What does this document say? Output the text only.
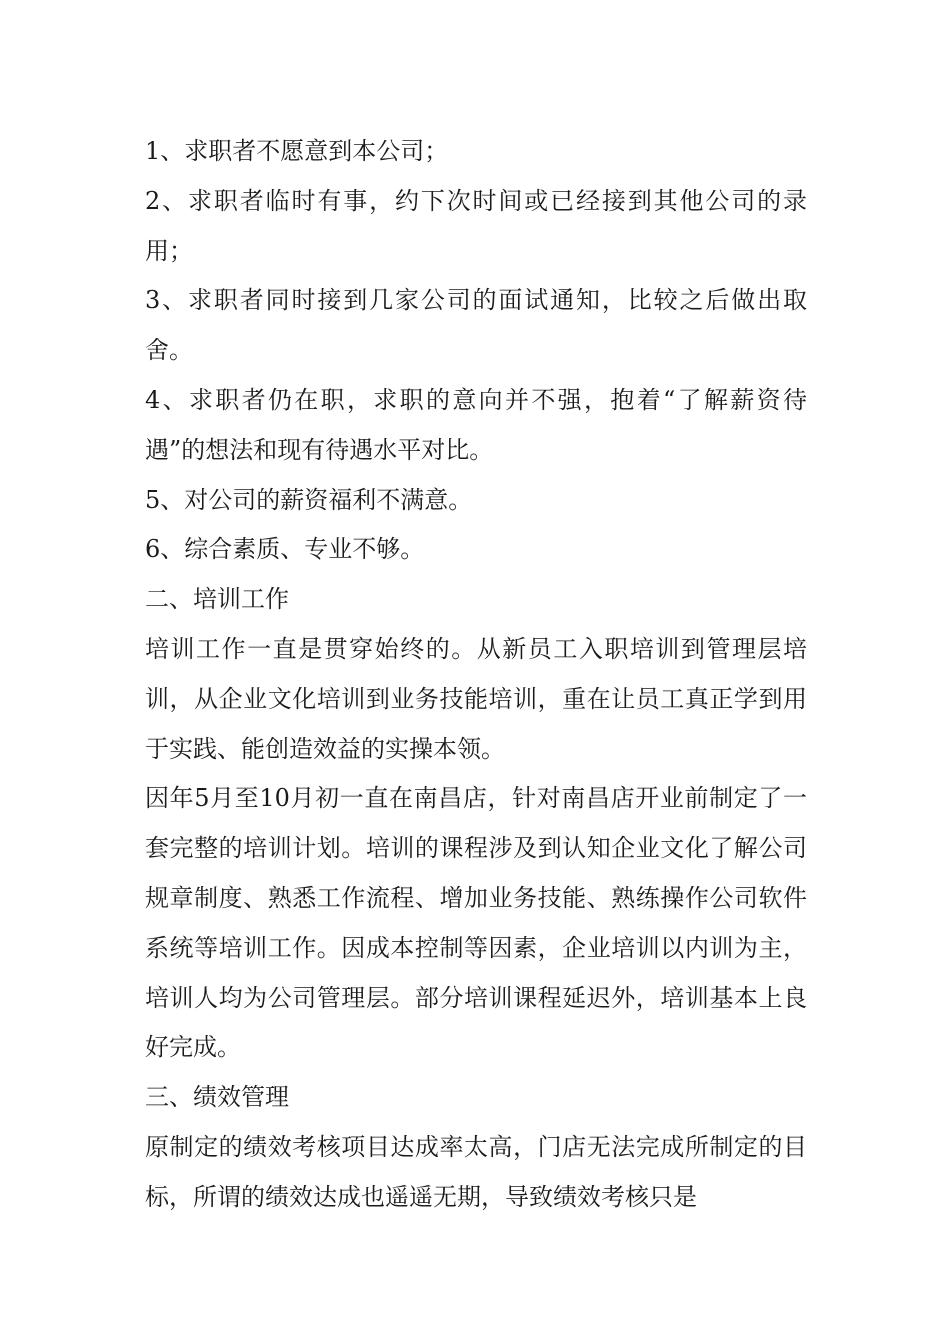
1、求职者不愿意到本公司；

2、求职者临时有事，约下次时间或已经接到其他公司的录用；

3、求职者同时接到几家公司的面试通知，比较之后做出取舍。

4、求职者仍在职，求职的意向并不强，抱着“了解薪资待遇”的想法和现有待遇水平对比。

5、对公司的薪资福利不满意。

6、综合素质、专业不够。

二、培训工作

培训工作一直是贯穿始终的。从新员工入职培训到管理层培训，从企业文化培训到业务技能培训，重在让员工真正学到用于实践、能创造效益的实操本领。

因年5月至10月初一直在南昌店，针对南昌店开业前制定了一套完整的培训计划。培训的课程涉及到认知企业文化了解公司规章制度、熟悉工作流程、增加业务技能、熟练操作公司软件系统等培训工作。因成本控制等因素，企业培训以内训为主，培训人均为公司管理层。部分培训课程延迟外，培训基本上良好完成。

三、绩效管理

原制定的绩效考核项目达成率太高，门店无法完成所制定的目标，所谓的绩效达成也遥遥无期，导致绩效考核只是
